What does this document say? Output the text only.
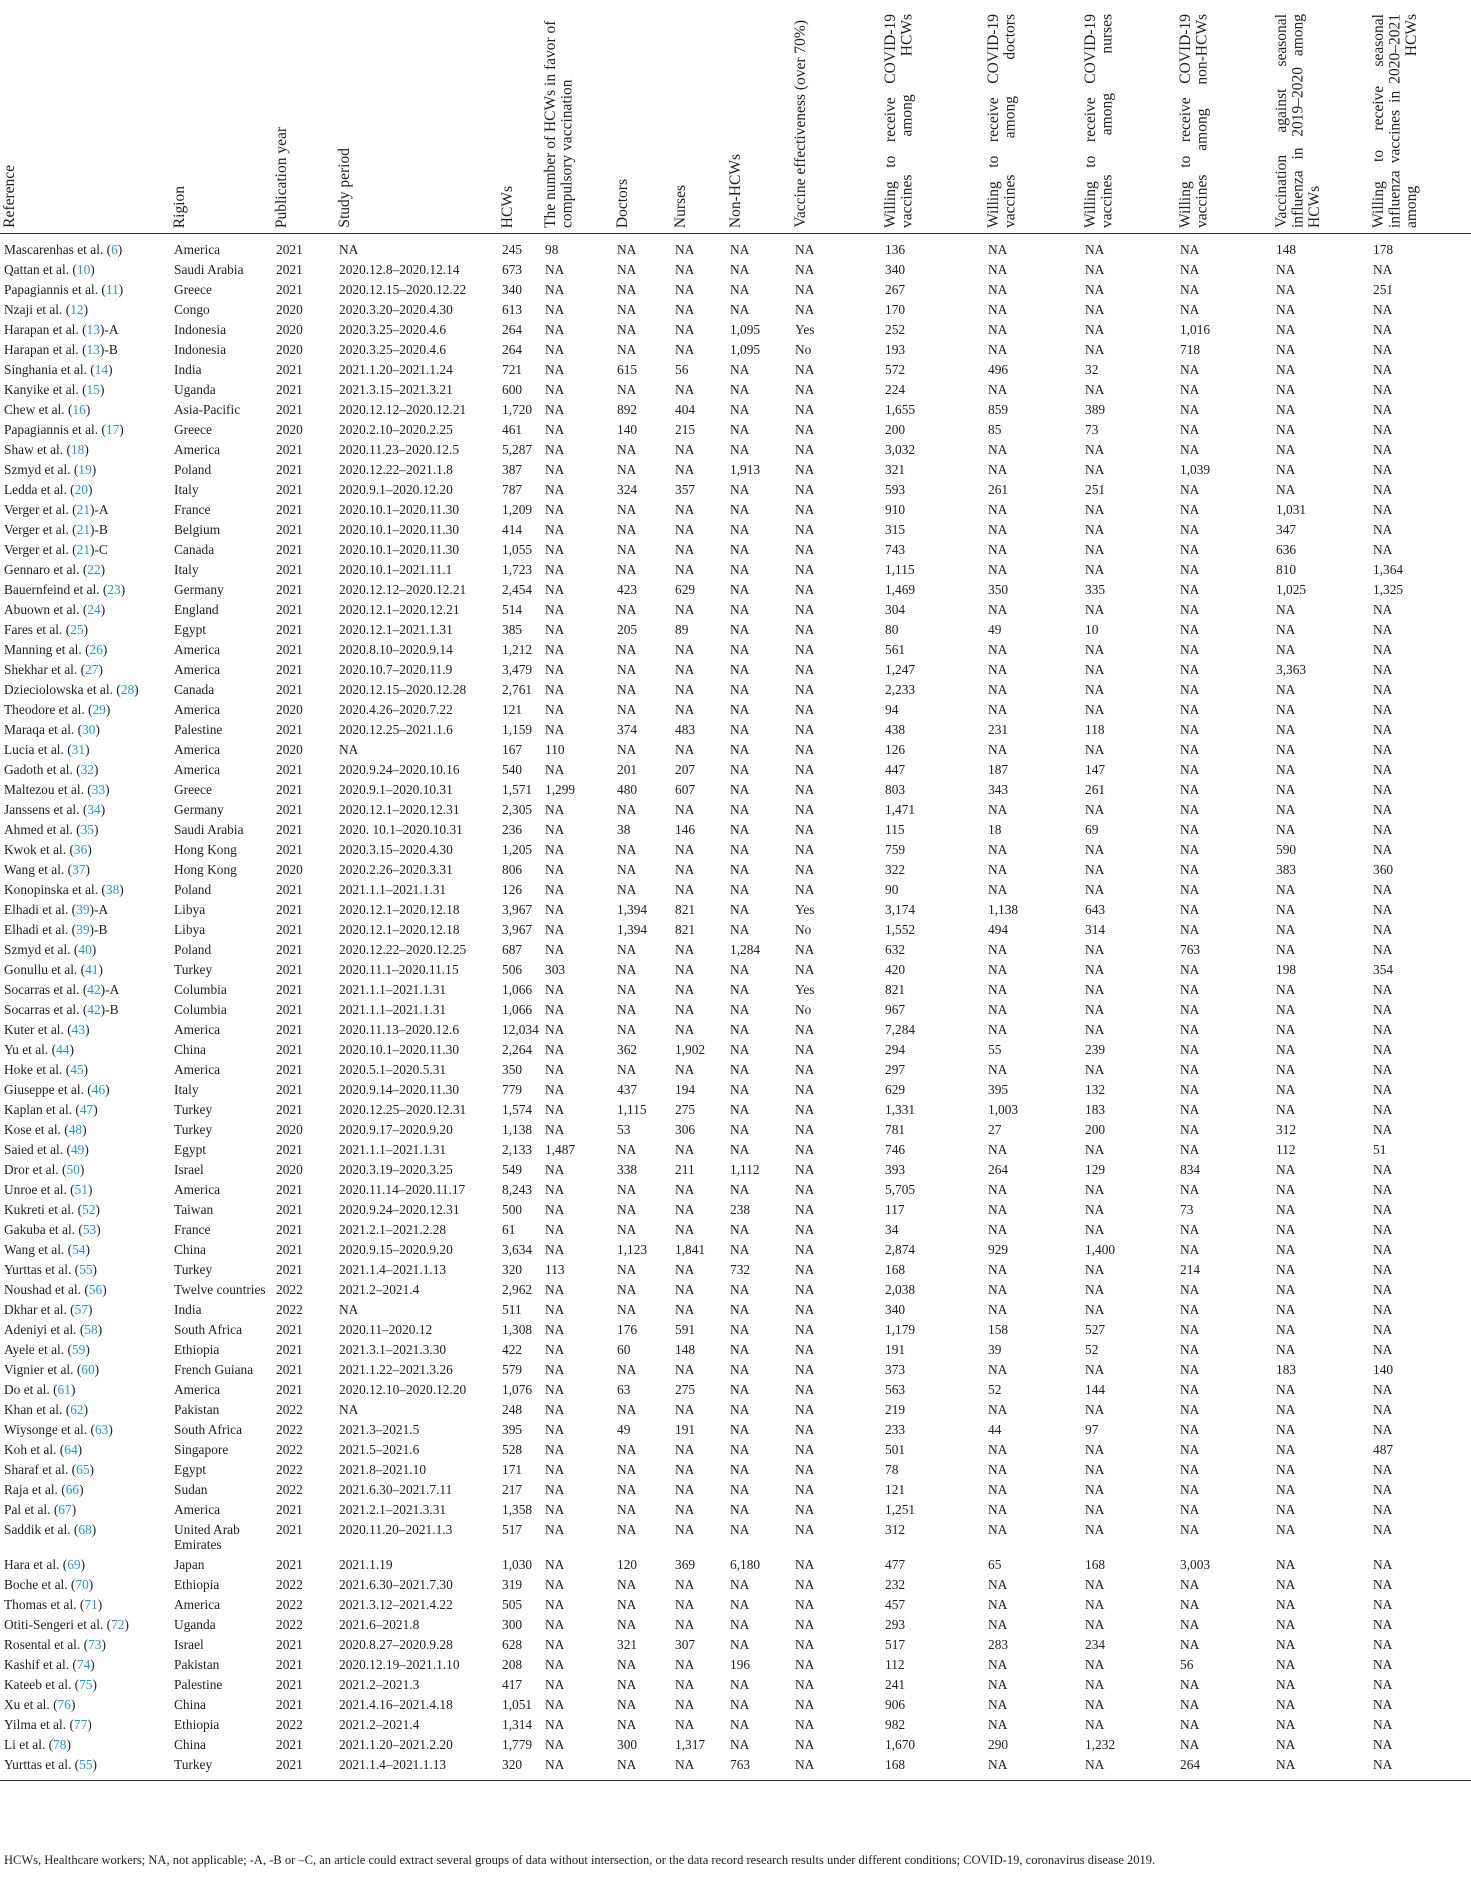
Reference	Rigion	Publication year	Study period	HCWs	The number of HCWs in favor of compulsory vaccination	Doctors	Nurses	Non-HCWs	Vaccine effectiveness (over 70%)	Willing to receive COVID-19 vaccines among HCWs	Willing to receive COVID-19 vaccines among doctors	Willing to receive COVID-19 vaccines among nurses	Willing to receive COVID-19 vaccines among non-HCWs	Vaccination against seasonal influenza in 2019–2020 among HCWs	Willing to receive seasonal influenza vaccines in 2020–2021 among HCWs
Mascarenhas et al. (6)	America	2021	NA	245	98	NA	NA	NA	NA	136	NA	NA	NA	148	178
Qattan et al. (10)	Saudi Arabia	2021	2020.12.8–2020.12.14	673	NA	NA	NA	NA	NA	340	NA	NA	NA	NA	NA
Papagiannis et al. (11)	Greece	2021	2020.12.15–2020.12.22	340	NA	NA	NA	NA	NA	267	NA	NA	NA	NA	251
Nzaji et al. (12)	Congo	2020	2020.3.20–2020.4.30	613	NA	NA	NA	NA	NA	170	NA	NA	NA	NA	NA
Harapan et al. (13)-A	Indonesia	2020	2020.3.25–2020.4.6	264	NA	NA	NA	1,095	Yes	252	NA	NA	1,016	NA	NA
Harapan et al. (13)-B	Indonesia	2020	2020.3.25–2020.4.6	264	NA	NA	NA	1,095	No	193	NA	NA	718	NA	NA
Singhania et al. (14)	India	2021	2021.1.20–2021.1.24	721	NA	615	56	NA	NA	572	496	32	NA	NA	NA
Kanyike et al. (15)	Uganda	2021	2021.3.15–2021.3.21	600	NA	NA	NA	NA	NA	224	NA	NA	NA	NA	NA
Chew et al. (16)	Asia-Pacific	2021	2020.12.12–2020.12.21	1,720	NA	892	404	NA	NA	1,655	859	389	NA	NA	NA
Papagiannis et al. (17)	Greece	2020	2020.2.10–2020.2.25	461	NA	140	215	NA	NA	200	85	73	NA	NA	NA
Shaw et al. (18)	America	2021	2020.11.23–2020.12.5	5,287	NA	NA	NA	NA	NA	3,032	NA	NA	NA	NA	NA
Szmyd et al. (19)	Poland	2021	2020.12.22–2021.1.8	387	NA	NA	NA	1,913	NA	321	NA	NA	1,039	NA	NA
Ledda et al. (20)	Italy	2021	2020.9.1–2020.12.20	787	NA	324	357	NA	NA	593	261	251	NA	NA	NA
Verger et al. (21)-A	France	2021	2020.10.1–2020.11.30	1,209	NA	NA	NA	NA	NA	910	NA	NA	NA	1,031	NA
Verger et al. (21)-B	Belgium	2021	2020.10.1–2020.11.30	414	NA	NA	NA	NA	NA	315	NA	NA	NA	347	NA
Verger et al. (21)-C	Canada	2021	2020.10.1–2020.11.30	1,055	NA	NA	NA	NA	NA	743	NA	NA	NA	636	NA
Gennaro et al. (22)	Italy	2021	2020.10.1–2021.11.1	1,723	NA	NA	NA	NA	NA	1,115	NA	NA	NA	810	1,364
Bauernfeind et al. (23)	Germany	2021	2020.12.12–2020.12.21	2,454	NA	423	629	NA	NA	1,469	350	335	NA	1,025	1,325
Abuown et al. (24)	England	2021	2020.12.1–2020.12.21	514	NA	NA	NA	NA	NA	304	NA	NA	NA	NA	NA
Fares et al. (25)	Egypt	2021	2020.12.1–2021.1.31	385	NA	205	89	NA	NA	80	49	10	NA	NA	NA
Manning et al. (26)	America	2021	2020.8.10–2020.9.14	1,212	NA	NA	NA	NA	NA	561	NA	NA	NA	NA	NA
Shekhar et al. (27)	America	2021	2020.10.7–2020.11.9	3,479	NA	NA	NA	NA	NA	1,247	NA	NA	NA	3,363	NA
Dzieciolowska et al. (28)	Canada	2021	2020.12.15–2020.12.28	2,761	NA	NA	NA	NA	NA	2,233	NA	NA	NA	NA	NA
Theodore et al. (29)	America	2020	2020.4.26–2020.7.22	121	NA	NA	NA	NA	NA	94	NA	NA	NA	NA	NA
Maraqa et al. (30)	Palestine	2021	2020.12.25–2021.1.6	1,159	NA	374	483	NA	NA	438	231	118	NA	NA	NA
Lucia et al. (31)	America	2020	NA	167	110	NA	NA	NA	NA	126	NA	NA	NA	NA	NA
Gadoth et al. (32)	America	2021	2020.9.24–2020.10.16	540	NA	201	207	NA	NA	447	187	147	NA	NA	NA
Maltezou et al. (33)	Greece	2021	2020.9.1–2020.10.31	1,571	1,299	480	607	NA	NA	803	343	261	NA	NA	NA
Janssens et al. (34)	Germany	2021	2020.12.1–2020.12.31	2,305	NA	NA	NA	NA	NA	1,471	NA	NA	NA	NA	NA
Ahmed et al. (35)	Saudi Arabia	2021	2020. 10.1–2020.10.31	236	NA	38	146	NA	NA	115	18	69	NA	NA	NA
Kwok et al. (36)	Hong Kong	2021	2020.3.15–2020.4.30	1,205	NA	NA	NA	NA	NA	759	NA	NA	NA	590	NA
Wang et al. (37)	Hong Kong	2020	2020.2.26–2020.3.31	806	NA	NA	NA	NA	NA	322	NA	NA	NA	383	360
Konopinska et al. (38)	Poland	2021	2021.1.1–2021.1.31	126	NA	NA	NA	NA	NA	90	NA	NA	NA	NA	NA
Elhadi et al. (39)-A	Libya	2021	2020.12.1–2020.12.18	3,967	NA	1,394	821	NA	Yes	3,174	1,138	643	NA	NA	NA
Elhadi et al. (39)-B	Libya	2021	2020.12.1–2020.12.18	3,967	NA	1,394	821	NA	No	1,552	494	314	NA	NA	NA
Szmyd et al. (40)	Poland	2021	2020.12.22–2020.12.25	687	NA	NA	NA	1,284	NA	632	NA	NA	763	NA	NA
Gonullu et al. (41)	Turkey	2021	2020.11.1–2020.11.15	506	303	NA	NA	NA	NA	420	NA	NA	NA	198	354
Socarras et al. (42)-A	Columbia	2021	2021.1.1–2021.1.31	1,066	NA	NA	NA	NA	Yes	821	NA	NA	NA	NA	NA
Socarras et al. (42)-B	Columbia	2021	2021.1.1–2021.1.31	1,066	NA	NA	NA	NA	No	967	NA	NA	NA	NA	NA
Kuter et al. (43)	America	2021	2020.11.13–2020.12.6	12,034	NA	NA	NA	NA	NA	7,284	NA	NA	NA	NA	NA
Yu et al. (44)	China	2021	2020.10.1–2020.11.30	2,264	NA	362	1,902	NA	NA	294	55	239	NA	NA	NA
Hoke et al. (45)	America	2021	2020.5.1–2020.5.31	350	NA	NA	NA	NA	NA	297	NA	NA	NA	NA	NA
Giuseppe et al. (46)	Italy	2021	2020.9.14–2020.11.30	779	NA	437	194	NA	NA	629	395	132	NA	NA	NA
Kaplan et al. (47)	Turkey	2021	2020.12.25–2020.12.31	1,574	NA	1,115	275	NA	NA	1,331	1,003	183	NA	NA	NA
Kose et al. (48)	Turkey	2020	2020.9.17–2020.9.20	1,138	NA	53	306	NA	NA	781	27	200	NA	312	NA
Saied et al. (49)	Egypt	2021	2021.1.1–2021.1.31	2,133	1,487	NA	NA	NA	NA	746	NA	NA	NA	112	51
Dror et al. (50)	Israel	2020	2020.3.19–2020.3.25	549	NA	338	211	1,112	NA	393	264	129	834	NA	NA
Unroe et al. (51)	America	2021	2020.11.14–2020.11.17	8,243	NA	NA	NA	NA	NA	5,705	NA	NA	NA	NA	NA
Kukreti et al. (52)	Taiwan	2021	2020.9.24–2020.12.31	500	NA	NA	NA	238	NA	117	NA	NA	73	NA	NA
Gakuba et al. (53)	France	2021	2021.2.1–2021.2.28	61	NA	NA	NA	NA	NA	34	NA	NA	NA	NA	NA
Wang et al. (54)	China	2021	2020.9.15–2020.9.20	3,634	NA	1,123	1,841	NA	NA	2,874	929	1,400	NA	NA	NA
Yurttas et al. (55)	Turkey	2021	2021.1.4–2021.1.13	320	113	NA	NA	732	NA	168	NA	NA	214	NA	NA
Noushad et al. (56)	Twelve countries	2022	2021.2–2021.4	2,962	NA	NA	NA	NA	NA	2,038	NA	NA	NA	NA	NA
Dkhar et al. (57)	India	2022	NA	511	NA	NA	NA	NA	NA	340	NA	NA	NA	NA	NA
Adeniyi et al. (58)	South Africa	2021	2020.11–2020.12	1,308	NA	176	591	NA	NA	1,179	158	527	NA	NA	NA
Ayele et al. (59)	Ethiopia	2021	2021.3.1–2021.3.30	422	NA	60	148	NA	NA	191	39	52	NA	NA	NA
Vignier et al. (60)	French Guiana	2021	2021.1.22–2021.3.26	579	NA	NA	NA	NA	NA	373	NA	NA	NA	183	140
Do et al. (61)	America	2021	2020.12.10–2020.12.20	1,076	NA	63	275	NA	NA	563	52	144	NA	NA	NA
Khan et al. (62)	Pakistan	2022	NA	248	NA	NA	NA	NA	NA	219	NA	NA	NA	NA	NA
Wiysonge et al. (63)	South Africa	2022	2021.3–2021.5	395	NA	49	191	NA	NA	233	44	97	NA	NA	NA
Koh et al. (64)	Singapore	2022	2021.5–2021.6	528	NA	NA	NA	NA	NA	501	NA	NA	NA	NA	487
Sharaf et al. (65)	Egypt	2022	2021.8–2021.10	171	NA	NA	NA	NA	NA	78	NA	NA	NA	NA	NA
Raja et al. (66)	Sudan	2022	2021.6.30–2021.7.11	217	NA	NA	NA	NA	NA	121	NA	NA	NA	NA	NA
Pal et al. (67)	America	2021	2021.2.1–2021.3.31	1,358	NA	NA	NA	NA	NA	1,251	NA	NA	NA	NA	NA
Saddik et al. (68)	United Arab Emirates	2021	2020.11.20–2021.1.3	517	NA	NA	NA	NA	NA	312	NA	NA	NA	NA	NA
Hara et al. (69)	Japan	2021	2021.1.19	1,030	NA	120	369	6,180	NA	477	65	168	3,003	NA	NA
Boche et al. (70)	Ethiopia	2022	2021.6.30–2021.7.30	319	NA	NA	NA	NA	NA	232	NA	NA	NA	NA	NA
Thomas et al. (71)	America	2022	2021.3.12–2021.4.22	505	NA	NA	NA	NA	NA	457	NA	NA	NA	NA	NA
Otiti-Sengeri et al. (72)	Uganda	2022	2021.6–2021.8	300	NA	NA	NA	NA	NA	293	NA	NA	NA	NA	NA
Rosental et al. (73)	Israel	2021	2020.8.27–2020.9.28	628	NA	321	307	NA	NA	517	283	234	NA	NA	NA
Kashif et al. (74)	Pakistan	2021	2020.12.19–2021.1.10	208	NA	NA	NA	196	NA	112	NA	NA	56	NA	NA
Kateeb et al. (75)	Palestine	2021	2021.2–2021.3	417	NA	NA	NA	NA	NA	241	NA	NA	NA	NA	NA
Xu et al. (76)	China	2021	2021.4.16–2021.4.18	1,051	NA	NA	NA	NA	NA	906	NA	NA	NA	NA	NA
Yilma et al. (77)	Ethiopia	2022	2021.2–2021.4	1,314	NA	NA	NA	NA	NA	982	NA	NA	NA	NA	NA
Li et al. (78)	China	2021	2021.1.20–2021.2.20	1,779	NA	300	1,317	NA	NA	1,670	290	1,232	NA	NA	NA
Yurttas et al. (55)	Turkey	2021	2021.1.4–2021.1.13	320	NA	NA	NA	763	NA	168	NA	NA	264	NA	NA
HCWs, Healthcare workers; NA, not applicable; -A, -B or –C, an article could extract several groups of data without intersection, or the data record research results under different conditions; COVID-19, coronavirus disease 2019.
